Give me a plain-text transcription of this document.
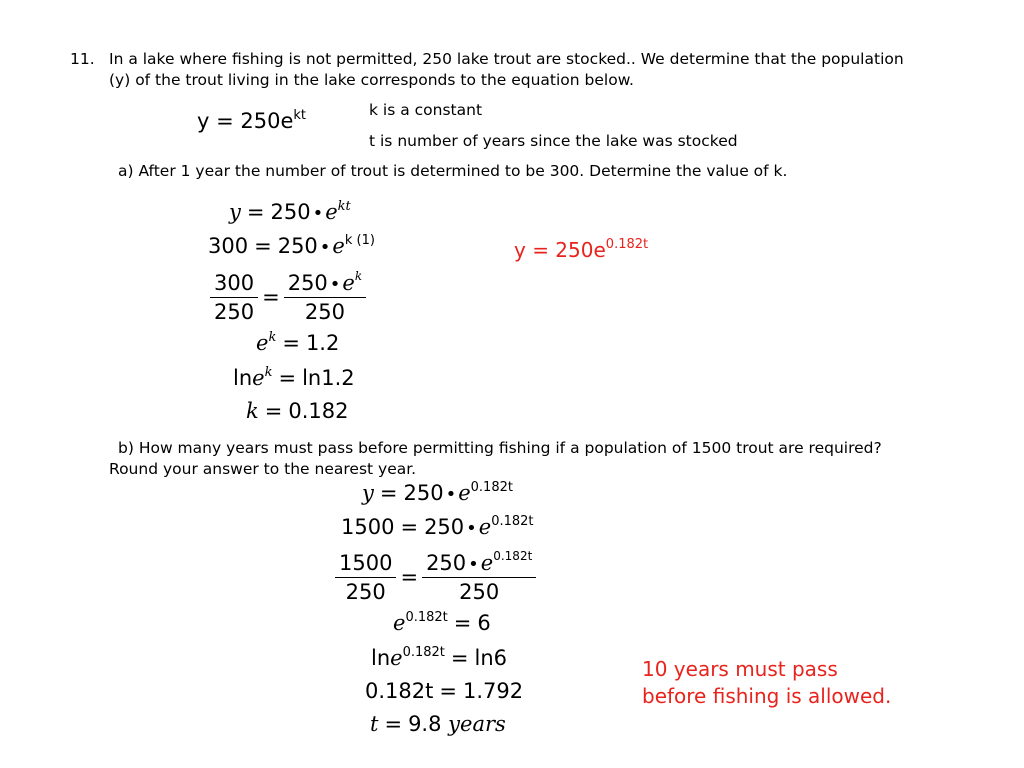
11. In a lake where fishing is not permitted, 250 lake trout are stocked.. We determine that the population
(y) of the trout living in the lake corresponds to the equation below.
$y = 250e^{kt}$	k is a constant
t is number of years since the lake was stocked
a) After 1 year the number of trout is determined to be 300. Determine the value of k.
y = 250 $•e^{kt}$
300 = 250 $•e^{k (1)}$
$\frac{300}{250} = \frac{250 •e^k}{250}$
$e^k = 1.2$
lne$^k$ = ln1.2
k = 0.182
$y = 250e^{0.182t}$
b) How many years must pass before permitting fishing if a population of 1500 trout are required?
Round your answer to the nearest year.
y = 250 $•e^{0.182t}$
1500 = 250 $•e^{0.182t}$
$\frac{1500}{250} = \frac{250 •e^{0.182t}}{250}$
$e^{0.182t} = 6$
lne$^{0.182t}$ = ln6
0.182t = 1.792
t = 9.8 years
10 years must pass
before fishing is allowed.
